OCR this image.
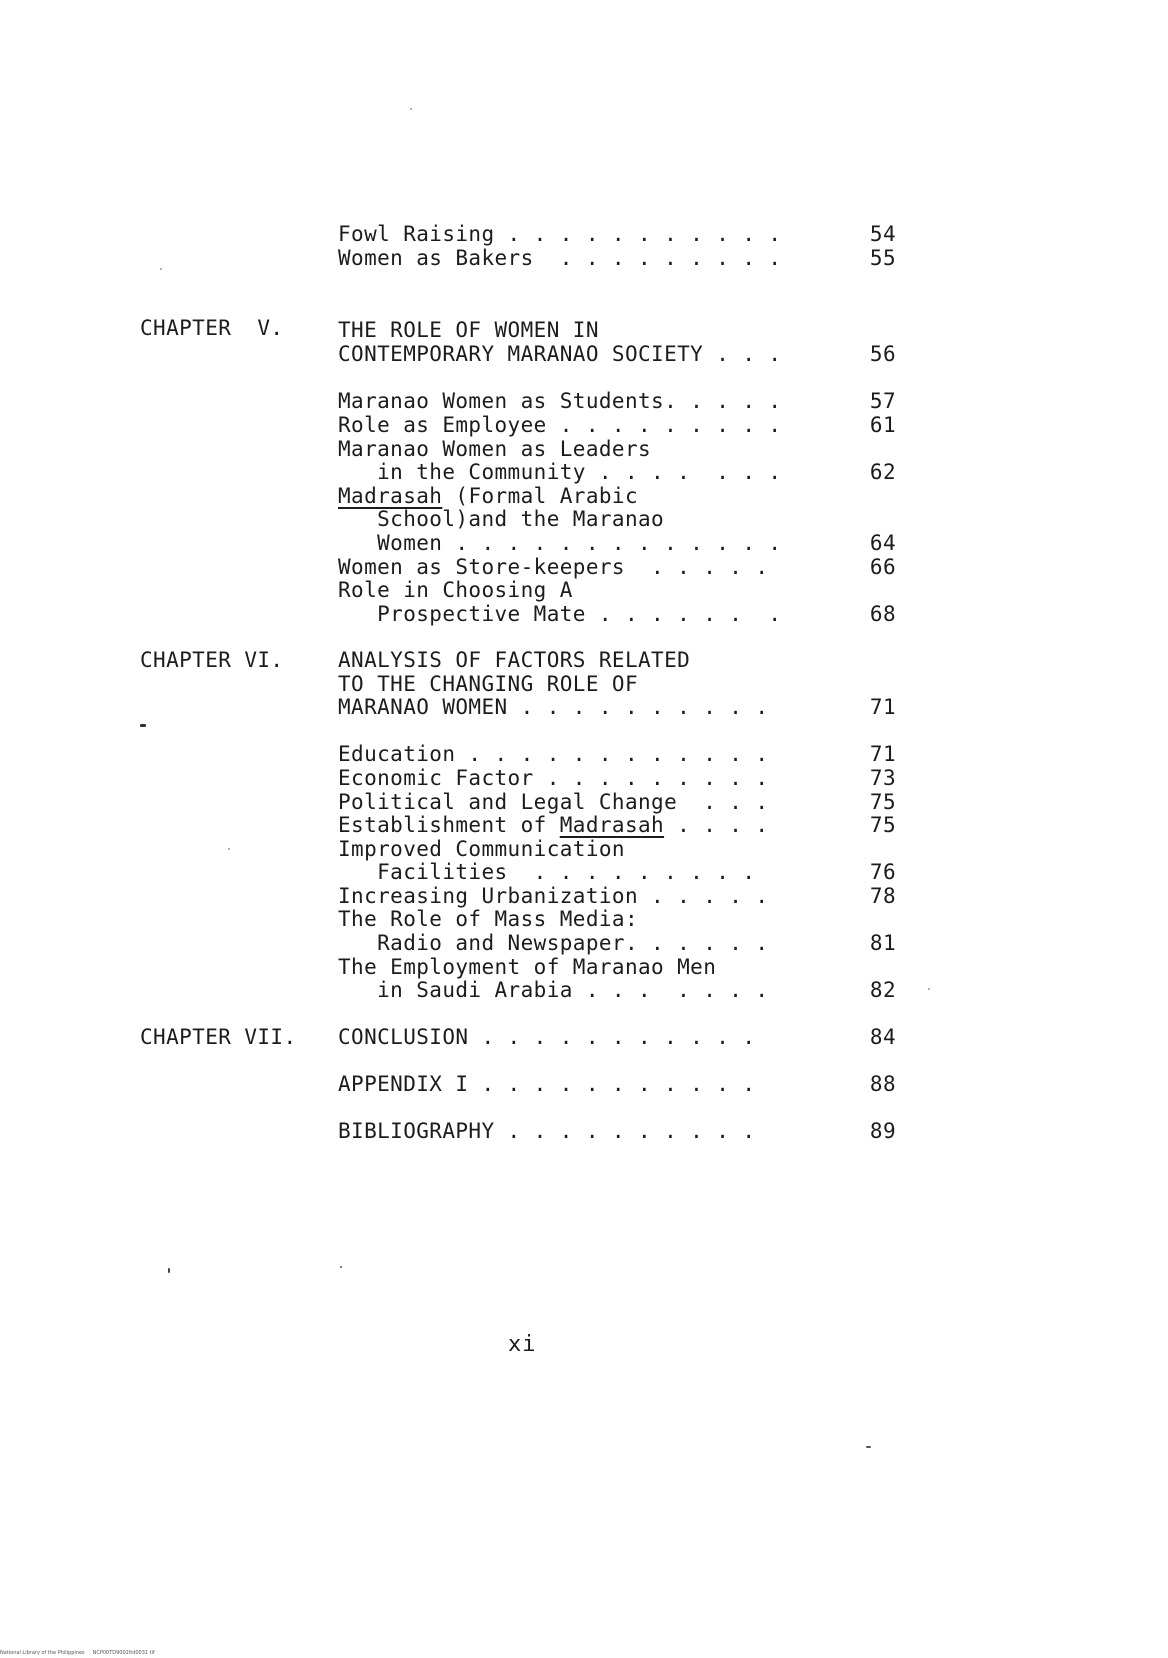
Fowl Raising . . . . . . . . . . .	54
Women as Bakers  . . . . . . . . .	55
CHAPTER  V.	THE ROLE OF WOMEN IN
CONTEMPORARY MARANAO SOCIETY . . .	56
Maranao Women as Students. . . . .	57
Role as Employee . . . . . . . . .	61
Maranao Women as Leaders
in the Community . . . .  . . .	62
Madrasah (Formal Arabic
School)and the Maranao
Women . . . . . . . . . . . . .	64
Women as Store-keepers  . . . . .	66
Role in Choosing A
Prospective Mate . . . . . .  .	68
CHAPTER VI.	ANALYSIS OF FACTORS RELATED
TO THE CHANGING ROLE OF
MARANAO WOMEN . . . . . . . . . .	71
Education . . . . . . . . . . . .	71
Economic Factor . . . . . . . . .	73
Political and Legal Change  . . .	75
Establishment of Madrasah . . . .	75
Improved Communication
Facilities  . . . . . . . . .	76
Increasing Urbanization . . . . .	78
The Role of Mass Media:
Radio and Newspaper. . . . . .	81
The Employment of Maranao Men
in Saudi Arabia . . .  . . . .	82
CHAPTER VII. CONCLUSION . . . . . . . . . . .	84
APPENDIX I . . . . . . . . . . .	88
BIBLIOGRAPHY . . . . . . . . . .	89
xi
National Library of the Philippines     NCP00TD9002ltd0031 tif
